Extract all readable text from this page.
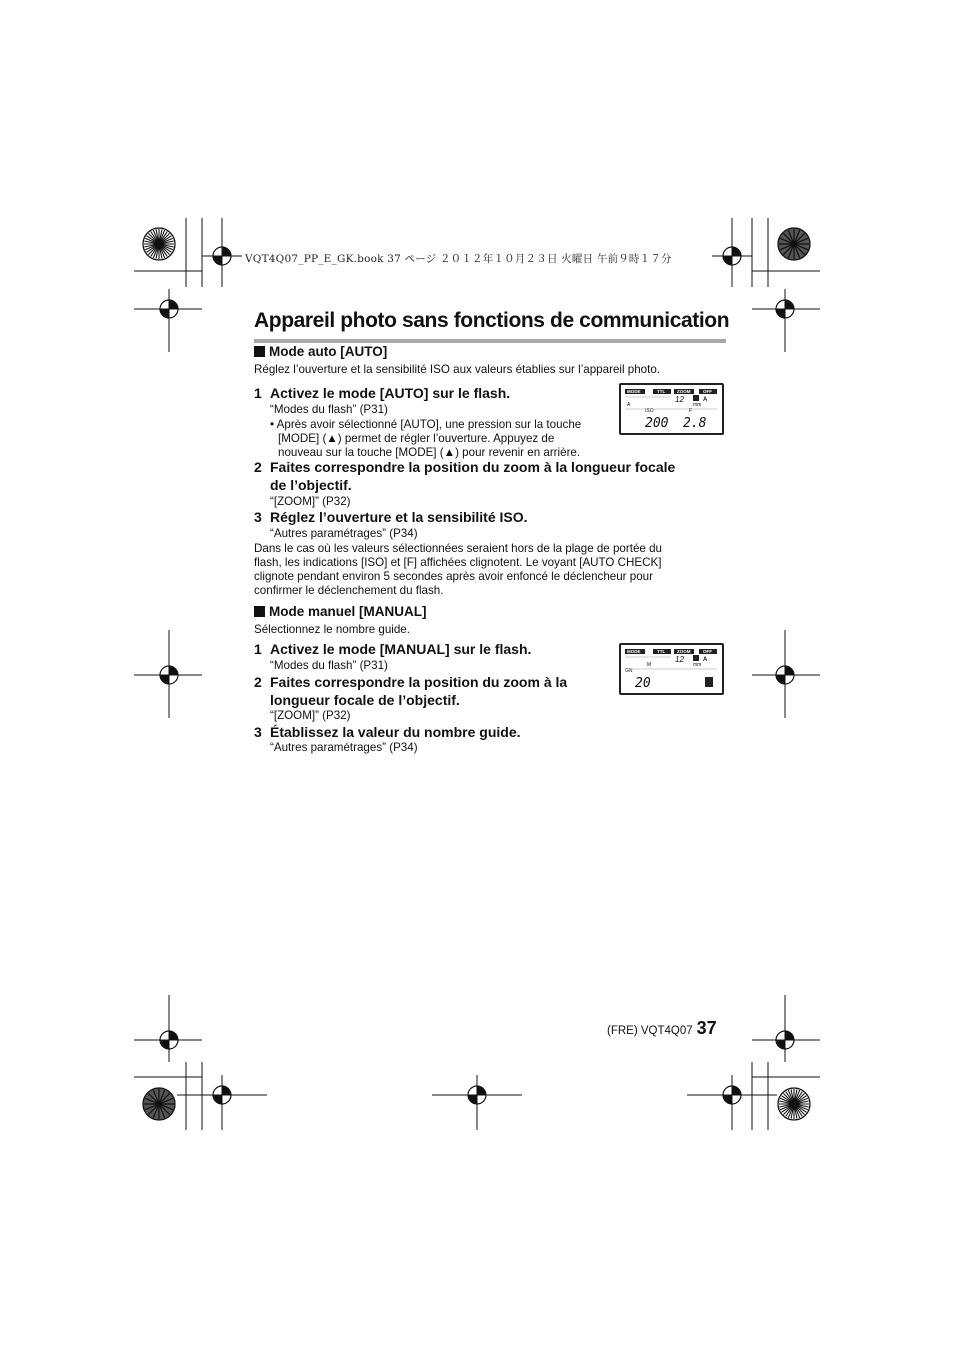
VQT4Q07_PP_E_GK.book 37 ページ ２０１２年１０月２３日 火曜日 午前９時１７分
Appareil photo sans fonctions de communication
Mode auto [AUTO]
Réglez l’ouverture et la sensibilité ISO aux valeurs établies sur l’appareil photo.
1 Activez le mode [AUTO] sur le flash.
“Modes du flash” (P31)
• Après avoir sélectionné [AUTO], une pression sur la touche
[MODE] (▲) permet de régler l’ouverture. Appuyez de
nouveau sur la touche [MODE] (▲) pour revenir en arrière.
2 Faites correspondre la position du zoom à la longueur focale
de l’objectif.
“[ZOOM]” (P32)
3 Réglez l’ouverture et la sensibilité ISO.
“Autres paramétrages” (P34)
Dans le cas où les valeurs sélectionnées seraient hors de la plage de portée du
flash, les indications [ISO] et [F] affichées clignotent. Le voyant [AUTO CHECK]
clignote pendant environ 5 secondes après avoir enfoncé le déclencheur pour
confirmer le déclenchement du flash.
MODE	TTL	ZOOM	OFF
A
ISO	F
12
mm
A
200 2.8
Mode manuel [MANUAL]
Sélectionnez le nombre guide.
1 Activez le mode [MANUAL] sur le flash.
“Modes du flash” (P31)
2 Faites correspondre la position du zoom à la
longueur focale de l’objectif.
“[ZOOM]” (P32)
3 Établissez la valeur du nombre guide.
“Autres paramétrages” (P34)
MODE	TTL	ZOOM	OFF
M
GN
12
mm
A
20
(FRE) VQT4Q07 37
